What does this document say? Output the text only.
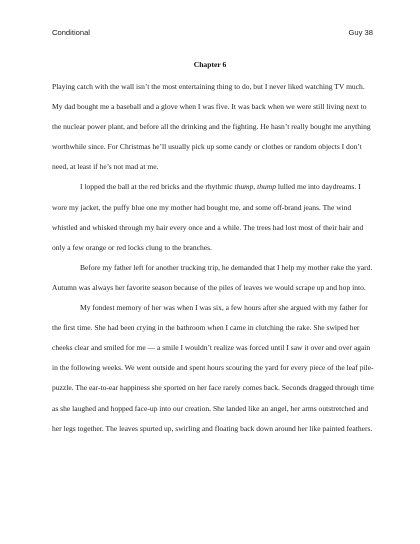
Conditional	Guy 38
Chapter 6

Playing catch with the wall isn’t the most entertaining thing to do, but I never liked watching TV much. My dad bought me a baseball and a glove when I was five. It was back when we were still living next to the nuclear power plant, and before all the drinking and the fighting. He hasn’t really bought me anything worthwhile since. For Christmas he’ll usually pick up some candy or clothes or random objects I don’t need, at least if he’s not mad at me.

I lopped the ball at the red bricks and the rhythmic thump, thump lulled me into daydreams. I wore my jacket, the puffy blue one my mother had bought me, and some off-brand jeans. The wind whistled and whisked through my hair every once and a while. The trees had lost most of their hair and only a few orange or red locks clung to the branches.

Before my father left for another trucking trip, he demanded that I help my mother rake the yard. Autumn was always her favorite season because of the piles of leaves we would scrape up and hop into.

My fondest memory of her was when I was six, a few hours after she argued with my father for the first time. She had been crying in the bathroom when I came in clutching the rake. She swiped her cheeks clear and smiled for me — a smile I wouldn’t realize was forced until I saw it over and over again in the following weeks. We went outside and spent hours scouring the yard for every piece of the leaf pile-puzzle. The ear-to-ear happiness she sported on her face rarely comes back. Seconds dragged through time as she laughed and hopped face-up into our creation. She landed like an angel, her arms outstretched and her legs together. The leaves spurted up, swirling and floating back down around her like painted feathers.
